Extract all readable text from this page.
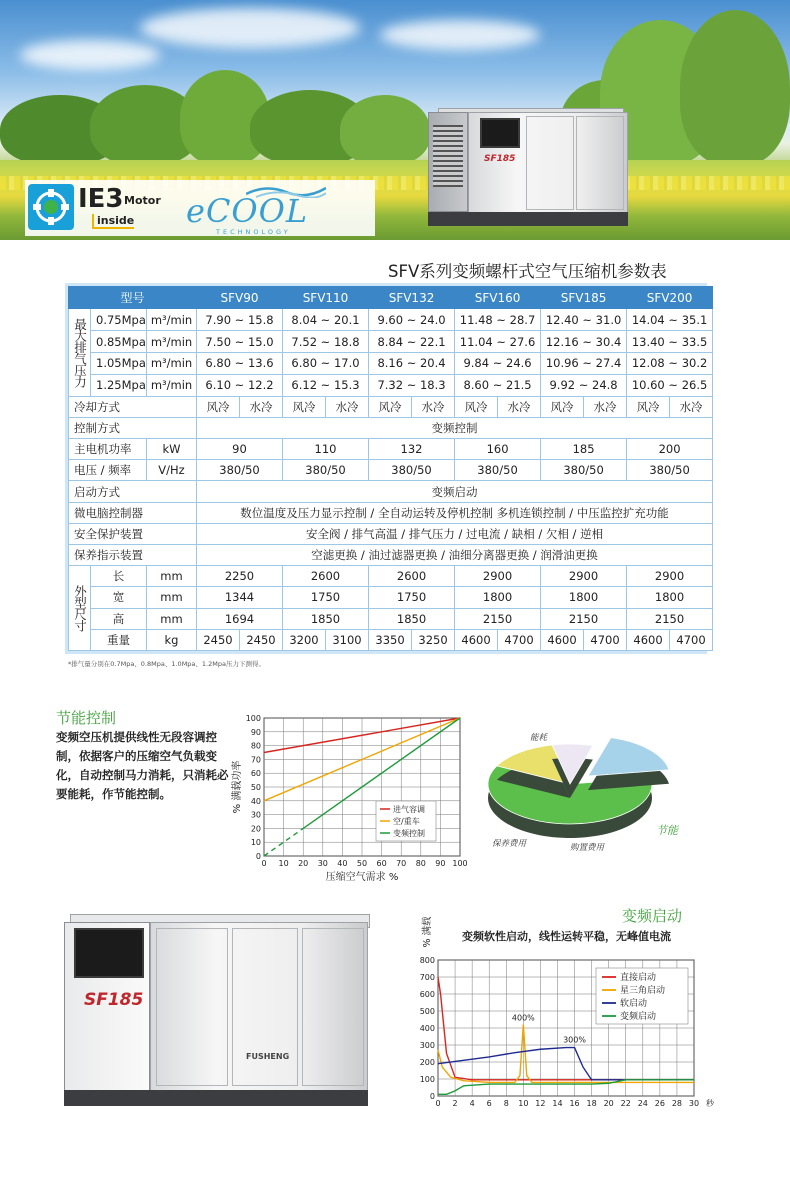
SF185
IE3 Motor
inside eCOOL
TECHNOLOGY
SFV系列变频螺杆式空气压缩机参数表
型号			SFV90		SFV110		SFV132		SFV160		SFV185		SFV200	
最大排气压力	0.75Mpa	m³/min	7.90 ~ 15.8		8.04 ~ 20.1		9.60 ~ 24.0		11.48 ~ 28.7		12.40 ~ 31.0		14.04 ~ 35.1	
	0.85Mpa	m³/min	7.50 ~ 15.0		7.52 ~ 18.8		8.84 ~ 22.1		11.04 ~ 27.6		12.16 ~ 30.4		13.40 ~ 33.5	
	1.05Mpa	m³/min	6.80 ~ 13.6		6.80 ~ 17.0		8.16 ~ 20.4		9.84 ~ 24.6		10.96 ~ 27.4		12.08 ~ 30.2	
	1.25Mpa	m³/min	6.10 ~ 12.2		6.12 ~ 15.3		7.32 ~ 18.3		8.60 ~ 21.5		9.92 ~ 24.8		10.60 ~ 26.5	
冷却方式			风冷	水冷	风冷	水冷	风冷	水冷	风冷	水冷	风冷	水冷	风冷	水冷
控制方式			变频控制											
主电机功率		kW	90		110		132		160		185		200	
电压 / 频率		V/Hz	380/50		380/50		380/50		380/50		380/50		380/50	
启动方式			变频启动											
微电脑控制器			数位温度及压力显示控制 / 全自动运转及停机控制 多机连锁控制 / 中压监控扩充功能											
安全保护装置			安全阀 / 排气高温 / 排气压力 / 过电流 / 缺相 / 欠相 / 逆相											
保养指示装置			空滤更换 / 油过滤器更换 / 油细分离器更换 / 润滑油更换											
外型尺寸	长	mm	2250		2600		2600		2900		2900		2900	
	宽	mm	1344		1750		1750		1800		1800		1800	
	高	mm	1694		1850		1850		2150		2150		2150	
	重量	kg	2450	2450	3200	3100	3350	3250	4600	4700	4600	4700	4600	4700
*排气量分别在0.7Mpa、0.8Mpa、1.0Mpa、1.2Mpa压力下测得。
节能控制
变频空压机提供线性无段容调控制，依据客户的压缩空气负载变化，自动控制马力消耗，只消耗必要能耗，作节能控制。
0 10 20 30 40 50 60 70 80 90 100
0
10
20
30
40
50
60
70
80
90
100
压缩空气需求 %
% 满载功率	进气容调
空/重车
变频控制
能耗
保养费用	购置费用
节能
SF185
FUSHENG
变频启动
变频软性启动，线性运转平稳，无峰值电流
0 2 4 6 8 10 12 14 16 18 20 22 24 26 28 30
0
100
200
300
400
500
600
700
800
秒
% 满载
400%
300%
直接启动
星三角启动
软启动
变频启动
